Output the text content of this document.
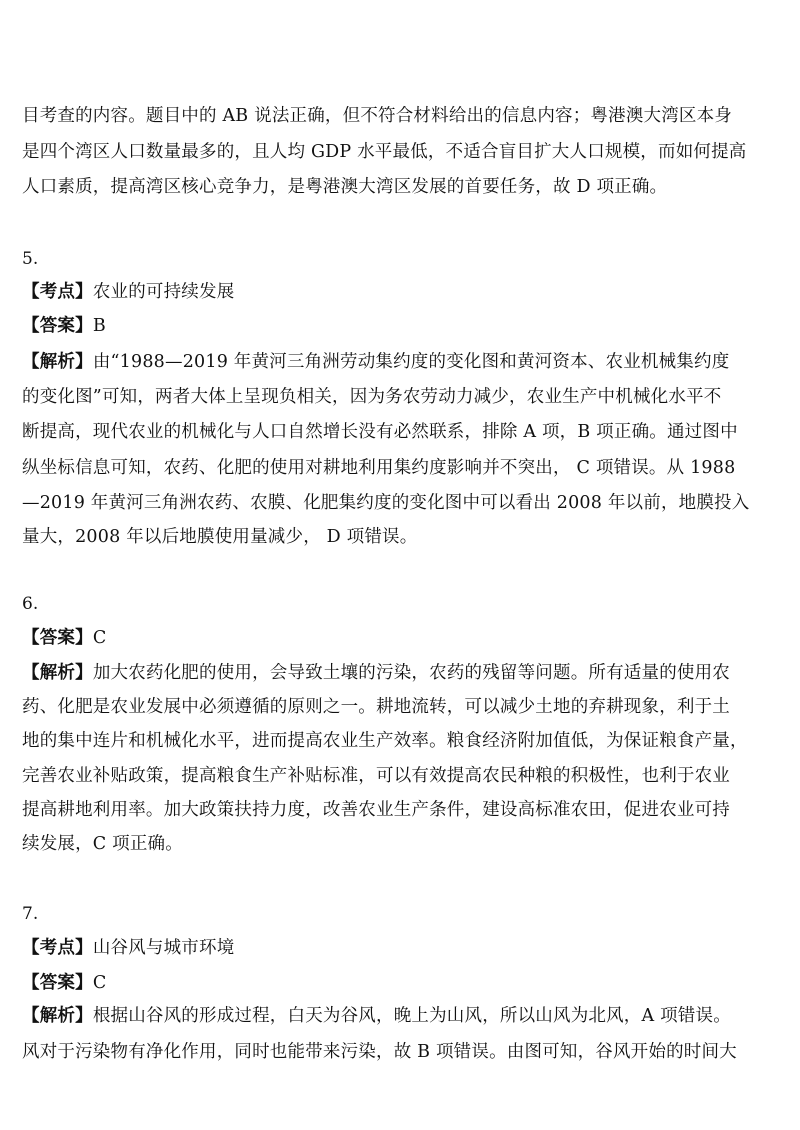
目考查的内容。题目中的 AB 说法正确，但不符合材料给出的信息内容；粤港澳大湾区本身
是四个湾区人口数量最多的，且人均 GDP 水平最低，不适合盲目扩大人口规模，而如何提高
人口素质，提高湾区核心竞争力，是粤港澳大湾区发展的首要任务，故 D 项正确。
5.
【考点】农业的可持续发展
【答案】B
【解析】由“1988—2019 年黄河三角洲劳动集约度的变化图和黄河资本、农业机械集约度
的变化图”可知，两者大体上呈现负相关，因为务农劳动力减少，农业生产中机械化水平不
断提高，现代农业的机械化与人口自然增长没有必然联系，排除 A 项，B 项正确。通过图中
纵坐标信息可知，农药、化肥的使用对耕地利用集约度影响并不突出， C 项错误。从 1988
—2019 年黄河三角洲农药、农膜、化肥集约度的变化图中可以看出 2008 年以前，地膜投入
量大，2008 年以后地膜使用量减少， D 项错误。
6.
【答案】C
【解析】加大农药化肥的使用，会导致土壤的污染，农药的残留等问题。所有适量的使用农
药、化肥是农业发展中必须遵循的原则之一。耕地流转，可以减少土地的弃耕现象，利于土
地的集中连片和机械化水平，进而提高农业生产效率。粮食经济附加值低，为保证粮食产量，
完善农业补贴政策，提高粮食生产补贴标准，可以有效提高农民种粮的积极性，也利于农业
提高耕地利用率。加大政策扶持力度，改善农业生产条件，建设高标准农田，促进农业可持
续发展，C 项正确。
7.
【考点】山谷风与城市环境
【答案】C
【解析】根据山谷风的形成过程，白天为谷风，晚上为山风，所以山风为北风，A 项错误。
风对于污染物有净化作用，同时也能带来污染，故 B 项错误。由图可知，谷风开始的时间大
